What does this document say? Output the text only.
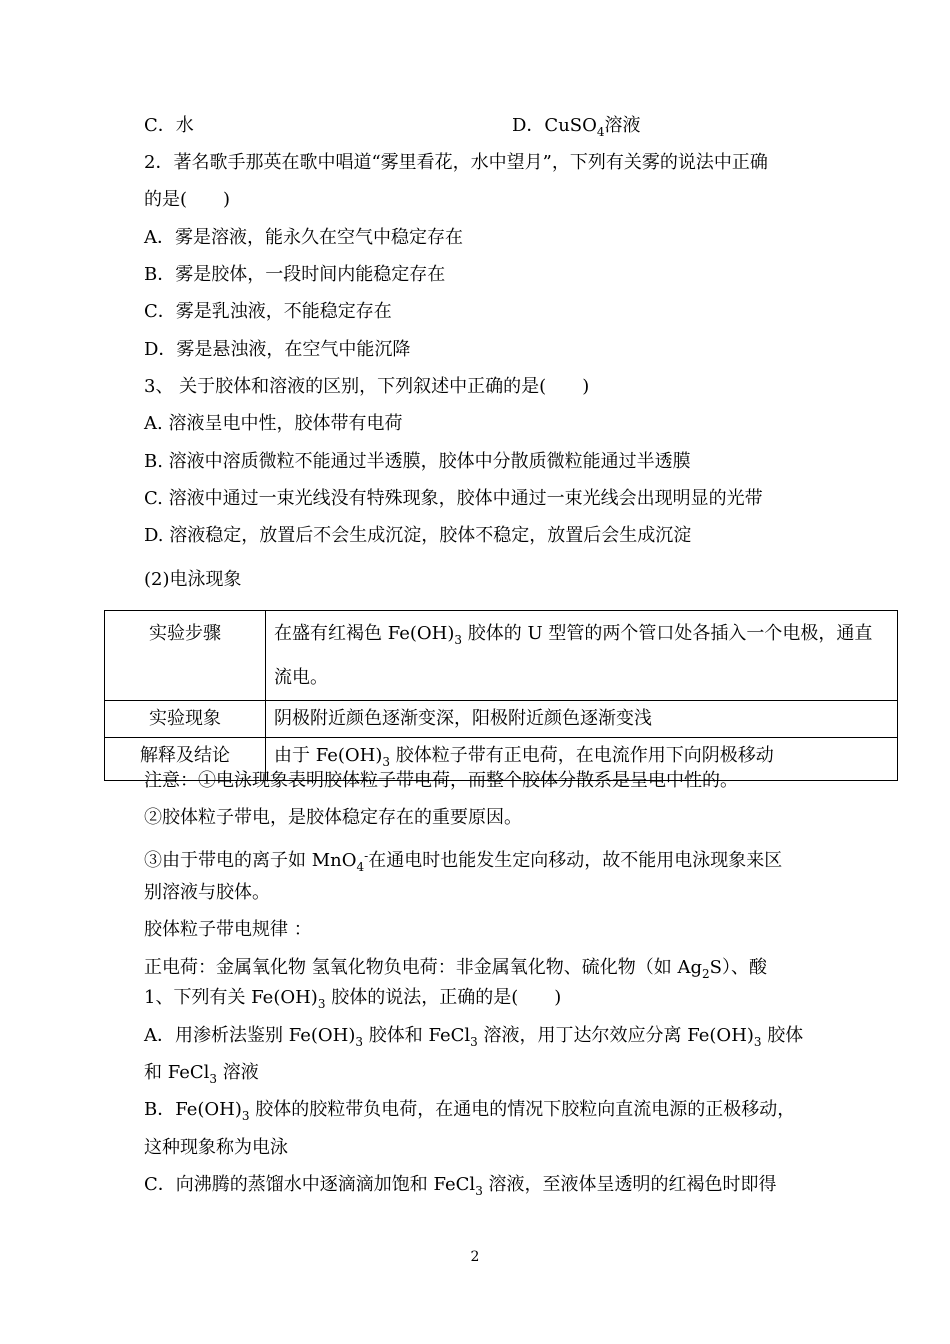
C．水	D．CuSO$_4$溶液
2．著名歌手那英在歌中唱道“雾里看花，水中望月”，下列有关雾的说法中正确
的是(　　)
A．雾是溶液，能永久在空气中稳定存在
B．雾是胶体，一段时间内能稳定存在
C．雾是乳浊液，不能稳定存在
D．雾是悬浊液，在空气中能沉降
3、 关于胶体和溶液的区别，下列叙述中正确的是(　　)
A. 溶液呈电中性，胶体带有电荷
B. 溶液中溶质微粒不能通过半透膜，胶体中分散质微粒能通过半透膜
C. 溶液中通过一束光线没有特殊现象，胶体中通过一束光线会出现明显的光带
D. 溶液稳定，放置后不会生成沉淀，胶体不稳定，放置后会生成沉淀
(2)电泳现象
实验步骤	在盛有红褐色 $Fe(OH)_3$ 胶体的 U 型管的两个管口处各插入一个电极，通直
流电。
实验现象	阴极附近颜色逐渐变深，阳极附近颜色逐渐变浅
解释及结论	由于 $Fe(OH)_3$ 胶体粒子带有正电荷，在电流作用下向阴极移动
注意：①电泳现象表明胶体粒子带电荷，而整个胶体分散系是呈电中性的。
②胶体粒子带电，是胶体稳定存在的重要原因。
③由于带电的离子如 MnO$_4$-在通电时也能发生定向移动，故不能用电泳现象来区
别溶液与胶体。
胶体粒子带电规律 ：
正电荷：金属氧化物 氢氧化物负电荷：非金属氧化物、硫化物（如 $Ag_2S$）、酸
1、下列有关 $Fe(OH)_3$ 胶体的说法，正确的是(　　)
A．用渗析法鉴别 $Fe(OH)_3$ 胶体和 FeCl$_3$ 溶液，用丁达尔效应分离 $Fe(OH)_3$ 胶体
和 FeCl$_3$ 溶液
B．$Fe(OH)_3$ 胶体的胶粒带负电荷，在通电的情况下胶粒向直流电源的正极移动，
这种现象称为电泳
C．向沸腾的蒸馏水中逐滴滴加饱和 FeCl$_3$ 溶液，至液体呈透明的红褐色时即得
2
